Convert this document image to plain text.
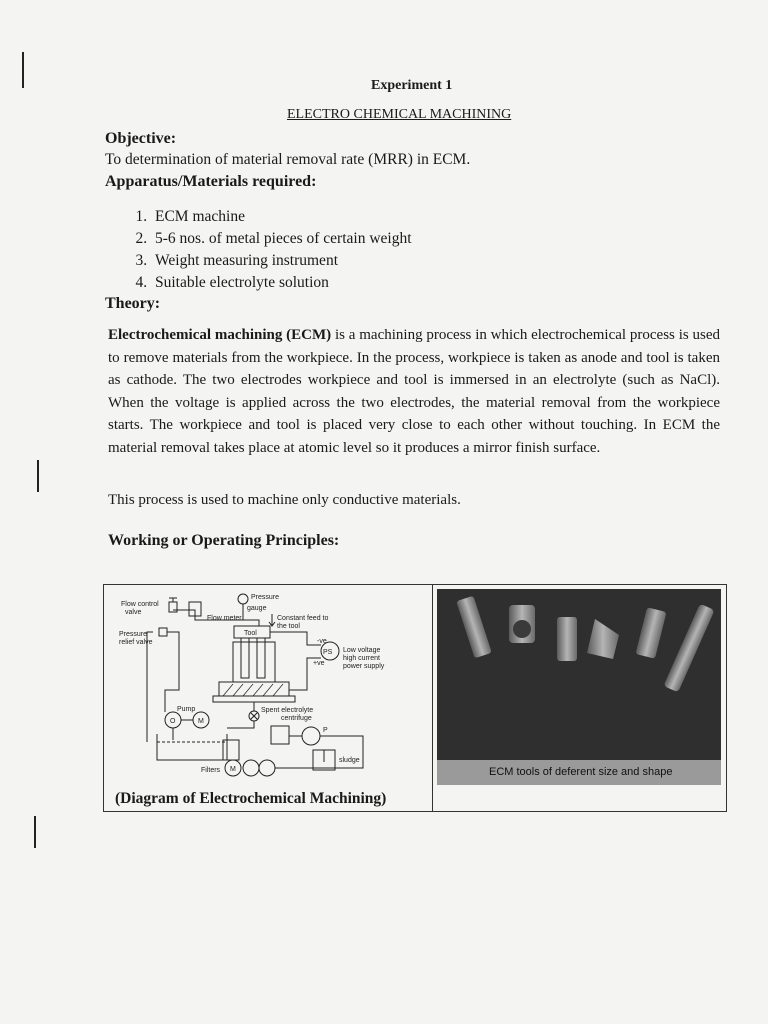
Experiment 1
ELECTRO CHEMICAL MACHINING
Objective:
To determination of material removal rate (MRR) in ECM.
Apparatus/Materials required:
1. ECM machine
2. 5-6 nos. of metal pieces of certain weight
3. Weight measuring instrument
4. Suitable electrolyte solution
Theory:
Electrochemical machining (ECM) is a machining process in which electrochemical process is used to remove materials from the workpiece. In the process, workpiece is taken as anode and tool is taken as cathode. The two electrodes workpiece and tool is immersed in an electrolyte (such as NaCl). When the voltage is applied across the two electrodes, the material removal from the workpiece starts. The workpiece and tool is placed very close to each other without touching. In ECM the material removal takes place at atomic level so it produces a mirror finish surface.
This process is used to machine only conductive materials.
Working or Operating Principles:
Flow control
valve
Pressure
gauge
Flow meter	Constant feed to
the tool
Tool
Pressure
relief valve	-ve
PS
+ve
Low voltage
high current
power supply
Pump
O	M
Spent electrolyte
centrifuge
sludge
Filters M
P
(Diagram of Electrochemical Machining)
ECM tools of deferent size and shape
